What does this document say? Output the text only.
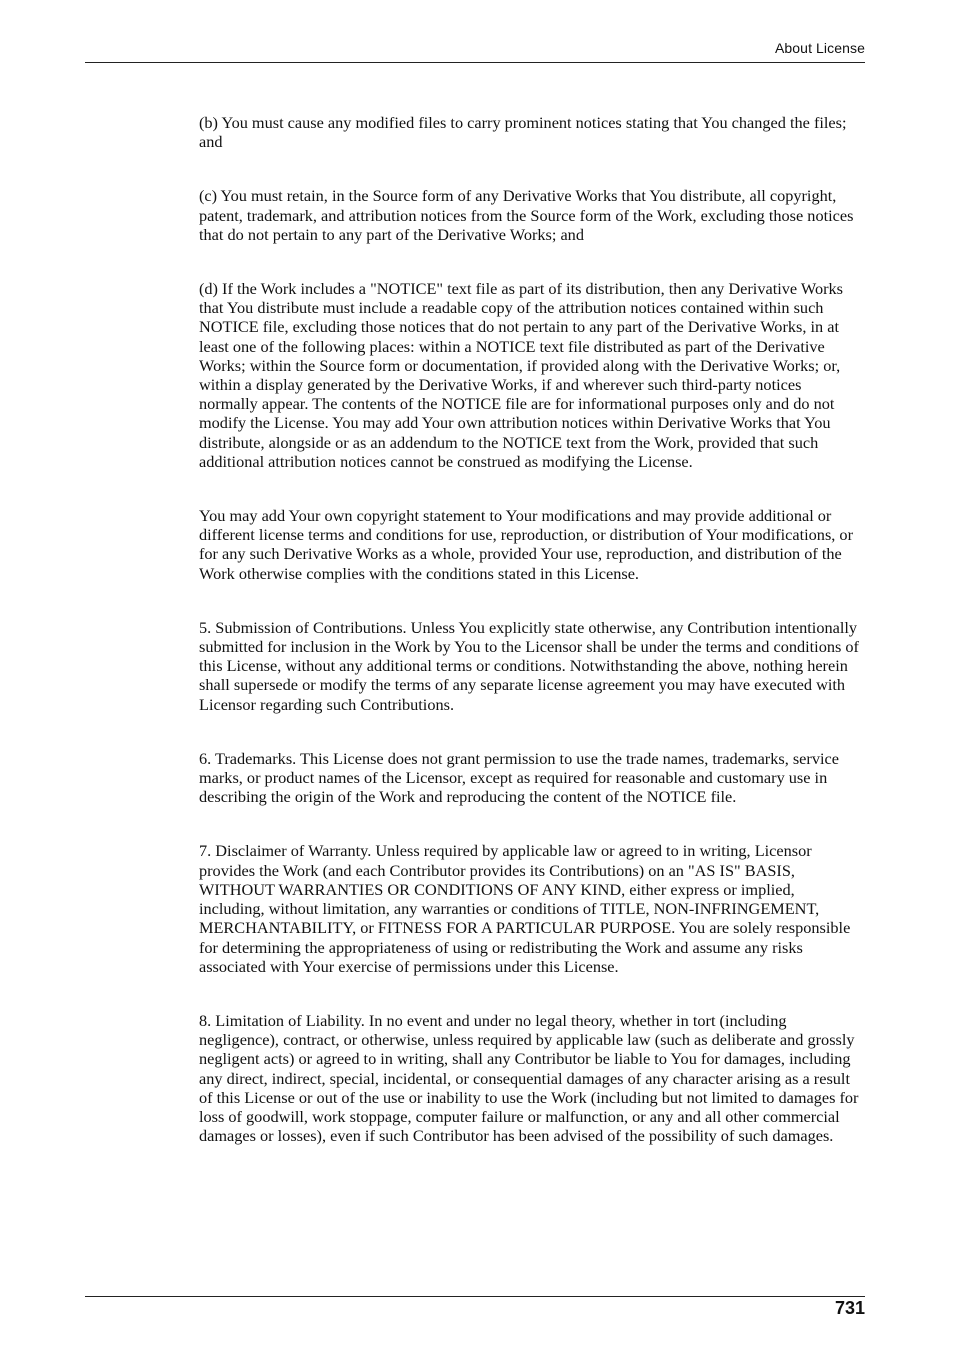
About License

(b) You must cause any modified files to carry prominent notices stating that You changed the files; and

(c) You must retain, in the Source form of any Derivative Works that You distribute, all copyright, patent, trademark, and attribution notices from the Source form of the Work, excluding those notices that do not pertain to any part of the Derivative Works; and

(d) If the Work includes a "NOTICE" text file as part of its distribution, then any Derivative Works that You distribute must include a readable copy of the attribution notices contained within such NOTICE file, excluding those notices that do not pertain to any part of the Derivative Works, in at least one of the following places: within a NOTICE text file distributed as part of the Derivative Works; within the Source form or documentation, if provided along with the Derivative Works; or, within a display generated by the Derivative Works, if and wherever such third-party notices normally appear. The contents of the NOTICE file are for informational purposes only and do not modify the License. You may add Your own attribution notices within Derivative Works that You distribute, alongside or as an addendum to the NOTICE text from the Work, provided that such additional attribution notices cannot be construed as modifying the License.

You may add Your own copyright statement to Your modifications and may provide additional or different license terms and conditions for use, reproduction, or distribution of Your modifications, or for any such Derivative Works as a whole, provided Your use, reproduction, and distribution of the Work otherwise complies with the conditions stated in this License.

5. Submission of Contributions. Unless You explicitly state otherwise, any Contribution intentionally submitted for inclusion in the Work by You to the Licensor shall be under the terms and conditions of this License, without any additional terms or conditions. Notwithstanding the above, nothing herein shall supersede or modify the terms of any separate license agreement you may have executed with Licensor regarding such Contributions.

6. Trademarks. This License does not grant permission to use the trade names, trademarks, service marks, or product names of the Licensor, except as required for reasonable and customary use in describing the origin of the Work and reproducing the content of the NOTICE file.

7. Disclaimer of Warranty. Unless required by applicable law or agreed to in writing, Licensor provides the Work (and each Contributor provides its Contributions) on an "AS IS" BASIS, WITHOUT WARRANTIES OR CONDITIONS OF ANY KIND, either express or implied, including, without limitation, any warranties or conditions of TITLE, NON-INFRINGEMENT, MERCHANTABILITY, or FITNESS FOR A PARTICULAR PURPOSE. You are solely responsible for determining the appropriateness of using or redistributing the Work and assume any risks associated with Your exercise of permissions under this License.

8. Limitation of Liability. In no event and under no legal theory, whether in tort (including negligence), contract, or otherwise, unless required by applicable law (such as deliberate and grossly negligent acts) or agreed to in writing, shall any Contributor be liable to You for damages, including any direct, indirect, special, incidental, or consequential damages of any character arising as a result of this License or out of the use or inability to use the Work (including but not limited to damages for loss of goodwill, work stoppage, computer failure or malfunction, or any and all other commercial damages or losses), even if such Contributor has been advised of the possibility of such damages.

731
